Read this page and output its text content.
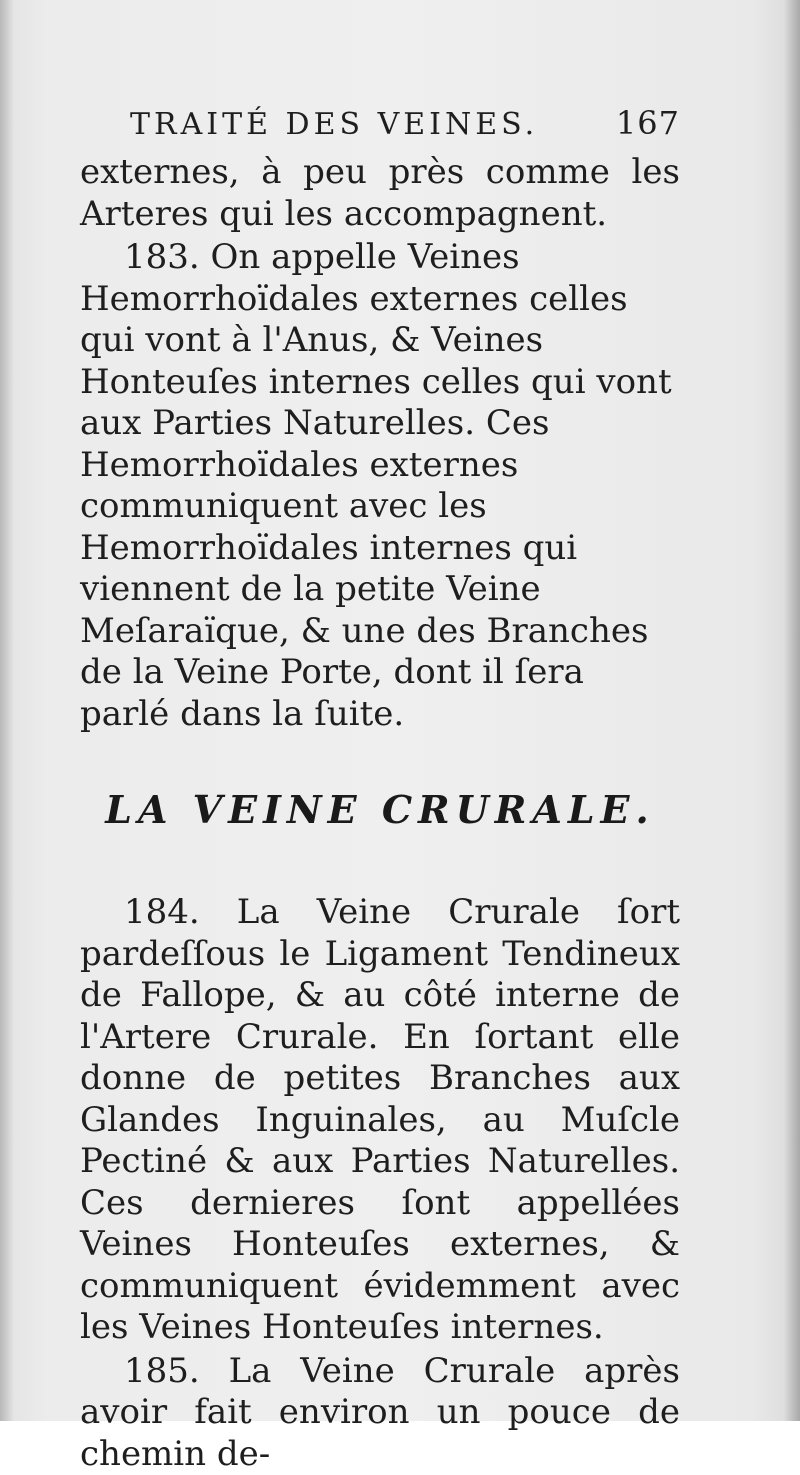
TRAITÉ DES VEINES. 167

externes, à peu près comme les Arteres qui les accompagnent.

183. On appelle Veines Hemorrhoïdales externes celles qui vont à l'Anus, & Veines Honteuſes internes celles qui vont aux Parties Naturelles. Ces Hemorrhoïdales externes communiquent avec les Hemorrhoïdales internes qui viennent de la petite Veine Meſaraïque, & une des Branches de la Veine Porte, dont il ſera parlé dans la ſuite.

LA VEINE CRURALE.

184. La Veine Crurale ſort pardeſſous le Ligament Tendineux de Fallope, & au côté interne de l'Artere Crurale. En ſortant elle donne de petites Branches aux Glandes Inguinales, au Muſcle Pectiné & aux Parties Naturelles. Ces dernieres ſont appellées Veines Honteuſes externes, & communiquent évidemment avec les Veines Honteuſes internes.

185. La Veine Crurale après avoir fait environ un pouce de chemin de-
